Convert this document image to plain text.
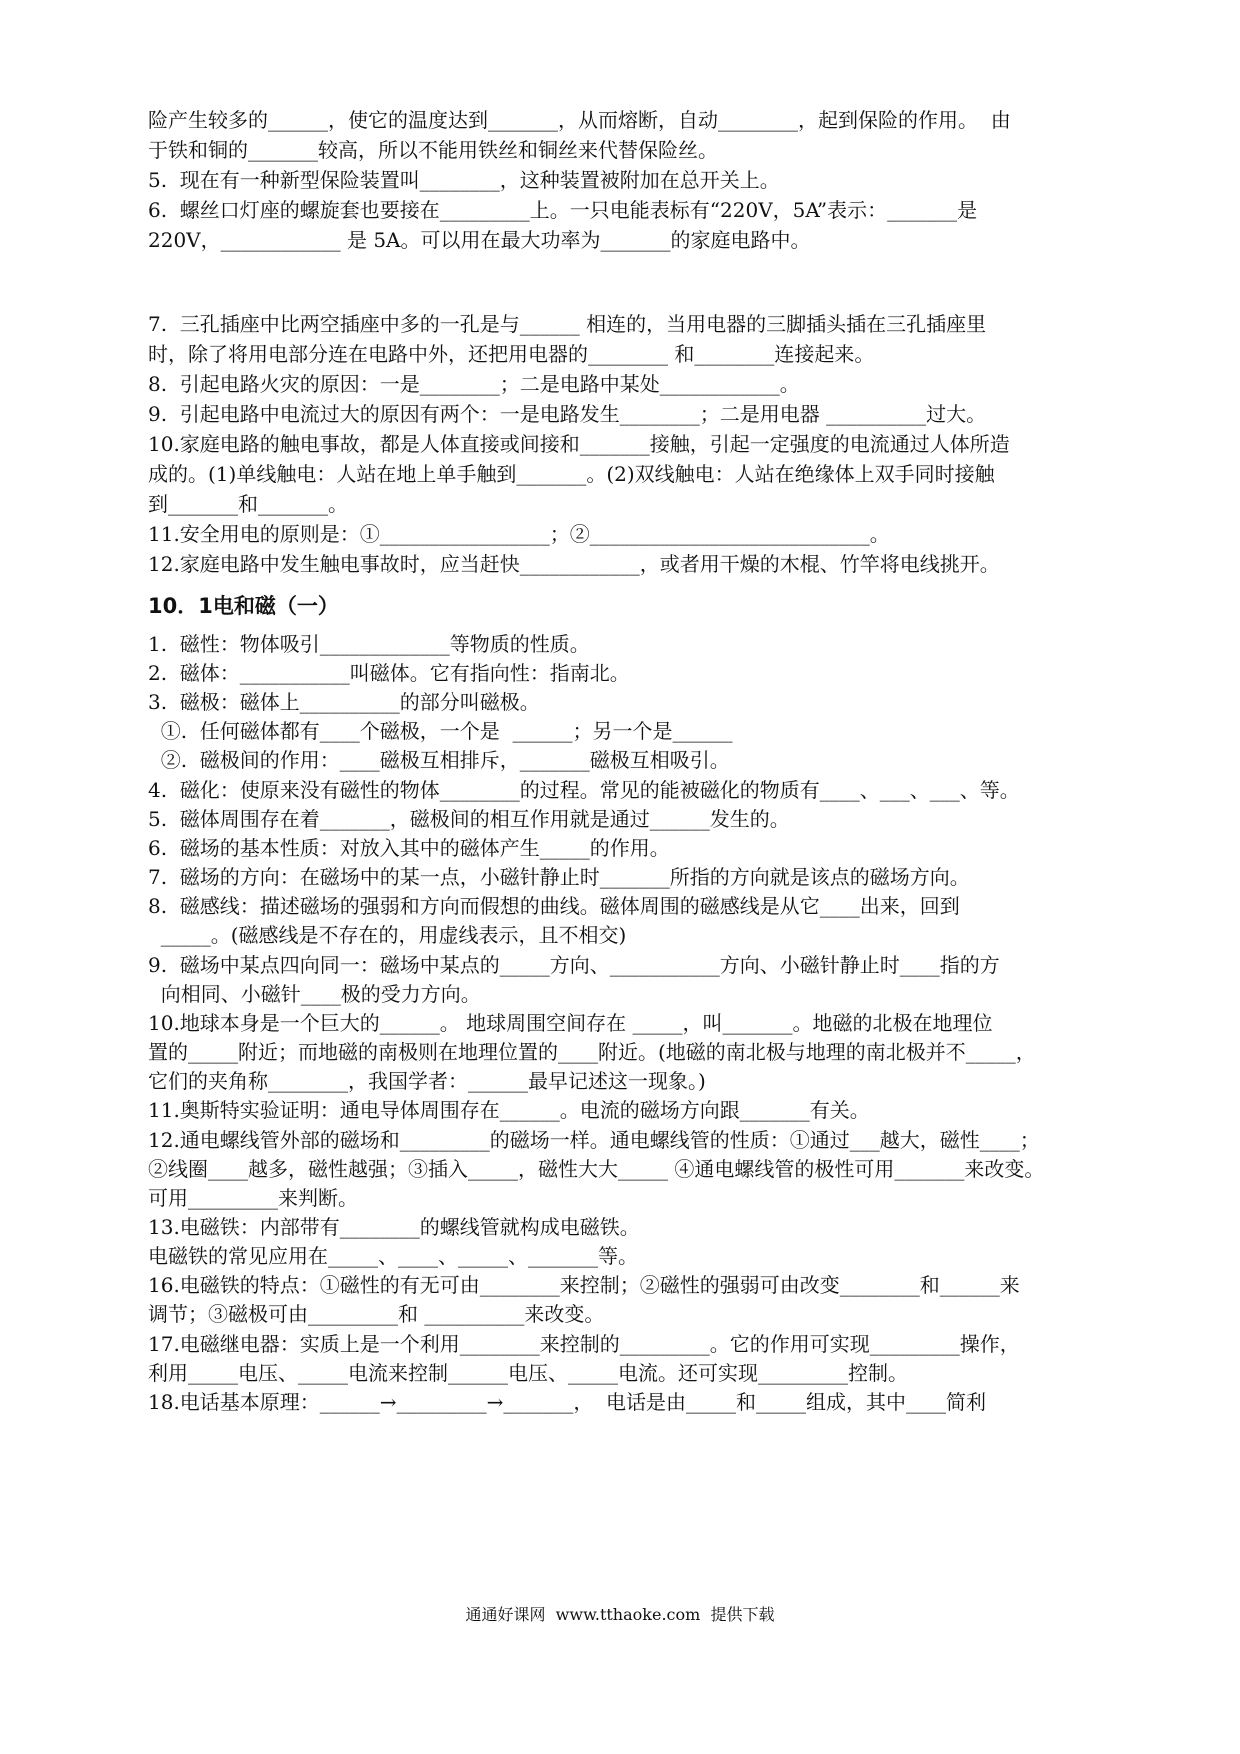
险产生较多的______，使它的温度达到_______，从而熔断，自动________，起到保险的作用。  由
于铁和铜的_______较高，所以不能用铁丝和铜丝来代替保险丝。
5.  现在有一种新型保险装置叫________，这种装置被附加在总开关上。
6.  螺丝口灯座的螺旋套也要接在_________上。一只电能表标有“220V，5A”表示：_______是
220V，____________ 是 5A。可以用在最大功率为_______的家庭电路中。
7.  三孔插座中比两空插座中多的一孔是与______ 相连的，当用电器的三脚插头插在三孔插座里
时，除了将用电部分连在电路中外，还把用电器的________ 和________连接起来。
8.  引起电路火灾的原因：一是________；二是电路中某处____________。
9.  引起电路中电流过大的原因有两个：一是电路发生________；二是用电器 __________过大。
10.家庭电路的触电事故，都是人体直接或间接和_______接触，引起一定强度的电流通过人体所造
成的。(1)单线触电：人站在地上单手触到_______。(2)双线触电：人站在绝缘体上双手同时接触
到_______和_______。
11.安全用电的原则是：①_________________；②____________________________。
12.家庭电路中发生触电事故时，应当赶快____________，或者用干燥的木棍、竹竿将电线挑开。
10．1电和磁（一）
1.  磁性：物体吸引_____________等物质的性质。
2.  磁体：___________叫磁体。它有指向性：指南北。
3.  磁极：磁体上__________的部分叫磁极。
①.  任何磁体都有____个磁极，一个是  ______；另一个是______
②.  磁极间的作用：____磁极互相排斥，_______磁极互相吸引。
4.  磁化：使原来没有磁性的物体________的过程。常见的能被磁化的物质有____、___、___、等。
5.  磁体周围存在着_______，磁极间的相互作用就是通过______发生的。
6.  磁场的基本性质：对放入其中的磁体产生_____的作用。
7.  磁场的方向：在磁场中的某一点，小磁针静止时_______所指的方向就是该点的磁场方向。
8.  磁感线：描述磁场的强弱和方向而假想的曲线。磁体周围的磁感线是从它____出来，回到
_____。(磁感线是不存在的，用虚线表示，且不相交)
9.  磁场中某点四向同一：磁场中某点的_____方向、___________方向、小磁针静止时____指的方
向相同、小磁针____极的受力方向。
10.地球本身是一个巨大的______。 地球周围空间存在 _____，叫_______。地磁的北极在地理位
置的_____附近；而地磁的南极则在地理位置的____附近。(地磁的南北极与地理的南北极并不_____，
它们的夹角称________，我国学者：______最早记述这一现象。)
11.奥斯特实验证明：通电导体周围存在______。电流的磁场方向跟_______有关。
12.通电螺线管外部的磁场和_________的磁场一样。通电螺线管的性质：①通过___越大，磁性____；
②线圈____越多，磁性越强；③插入_____，磁性大大_____ ④通电螺线管的极性可用_______来改变。
可用_________来判断。
13.电磁铁：内部带有________的螺线管就构成电磁铁。
电磁铁的常见应用在_____、____、_____、_______等。
16.电磁铁的特点：①磁性的有无可由________来控制；②磁性的强弱可由改变________和______来
调节；③磁极可由_________和 __________来改变。
17.电磁继电器：实质上是一个利用________来控制的_________。它的作用可实现_________操作，
利用_____电压、_____电流来控制______电压、_____电流。还可实现_________控制。
18.电话基本原理：______→_________→_______，  电话是由_____和_____组成，其中____简利
通通好课网  www.tthaoke.com  提供下载
